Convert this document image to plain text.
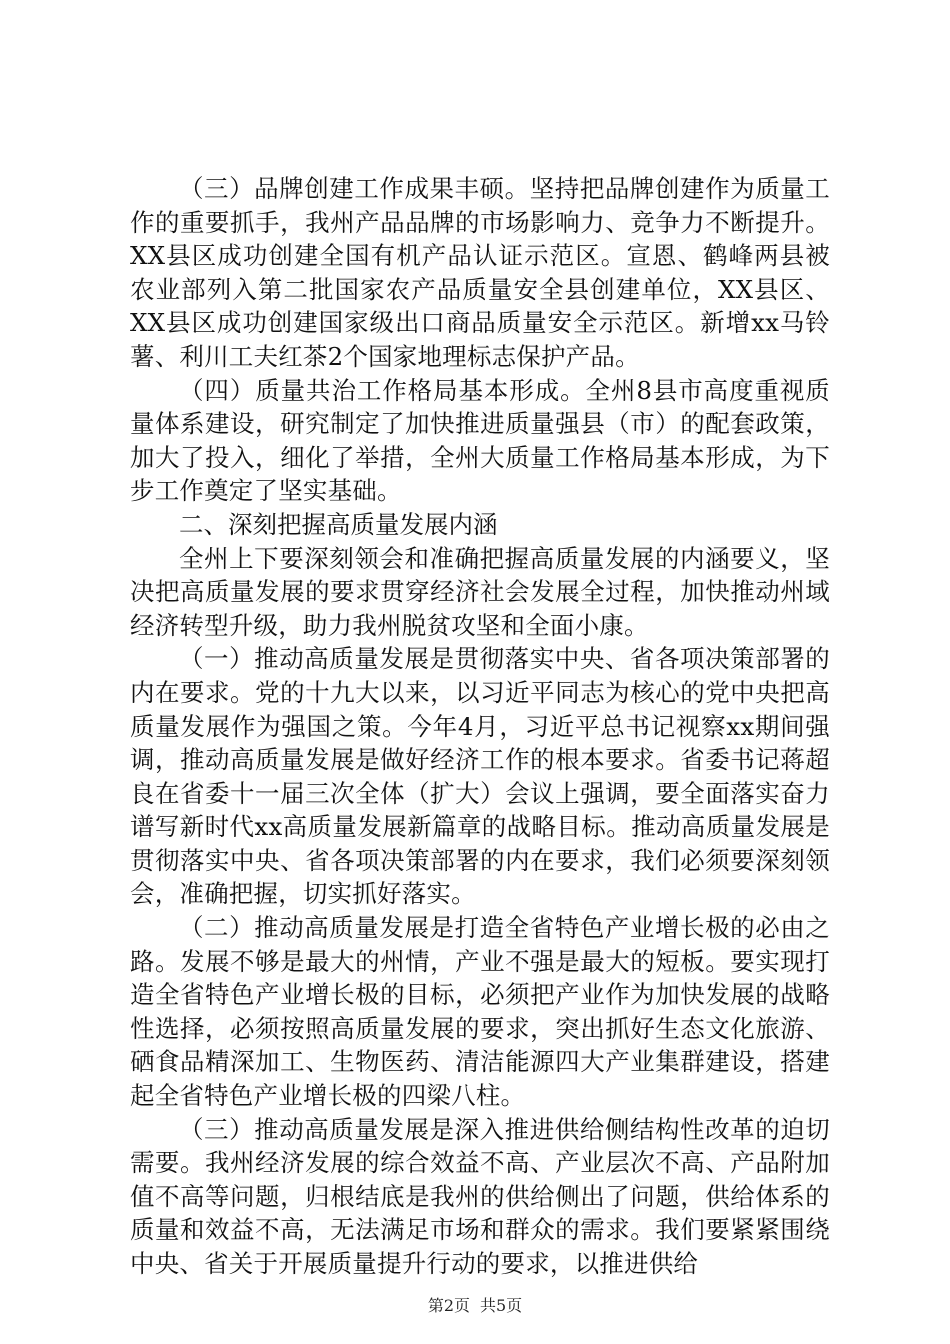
（三）品牌创建工作成果丰硕。坚持把品牌创建作为质量工作的重要抓手，我州产品品牌的市场影响力、竞争力不断提升。XX县区成功创建全国有机产品认证示范区。宣恩、鹤峰两县被农业部列入第二批国家农产品质量安全县创建单位，XX县区、XX县区成功创建国家级出口商品质量安全示范区。新增xx马铃薯、利川工夫红茶2个国家地理标志保护产品。

（四）质量共治工作格局基本形成。全州8县市高度重视质量体系建设，研究制定了加快推进质量强县（市）的配套政策，加大了投入，细化了举措，全州大质量工作格局基本形成，为下步工作奠定了坚实基础。

二、深刻把握高质量发展内涵

全州上下要深刻领会和准确把握高质量发展的内涵要义，坚决把高质量发展的要求贯穿经济社会发展全过程，加快推动州域经济转型升级，助力我州脱贫攻坚和全面小康。

（一）推动高质量发展是贯彻落实中央、省各项决策部署的内在要求。党的十九大以来，以习近平同志为核心的党中央把高质量发展作为强国之策。今年4月，习近平总书记视察xx期间强调，推动高质量发展是做好经济工作的根本要求。省委书记蒋超良在省委十一届三次全体（扩大）会议上强调，要全面落实奋力谱写新时代xx高质量发展新篇章的战略目标。推动高质量发展是贯彻落实中央、省各项决策部署的内在要求，我们必须要深刻领会，准确把握，切实抓好落实。

（二）推动高质量发展是打造全省特色产业增长极的必由之路。发展不够是最大的州情，产业不强是最大的短板。要实现打造全省特色产业增长极的目标，必须把产业作为加快发展的战略性选择，必须按照高质量发展的要求，突出抓好生态文化旅游、硒食品精深加工、生物医药、清洁能源四大产业集群建设，搭建起全省特色产业增长极的四梁八柱。

（三）推动高质量发展是深入推进供给侧结构性改革的迫切需要。我州经济发展的综合效益不高、产业层次不高、产品附加值不高等问题，归根结底是我州的供给侧出了问题，供给体系的质量和效益不高，无法满足市场和群众的需求。我们要紧紧围绕中央、省关于开展质量提升行动的要求，以推进供给

第2页 共5页
